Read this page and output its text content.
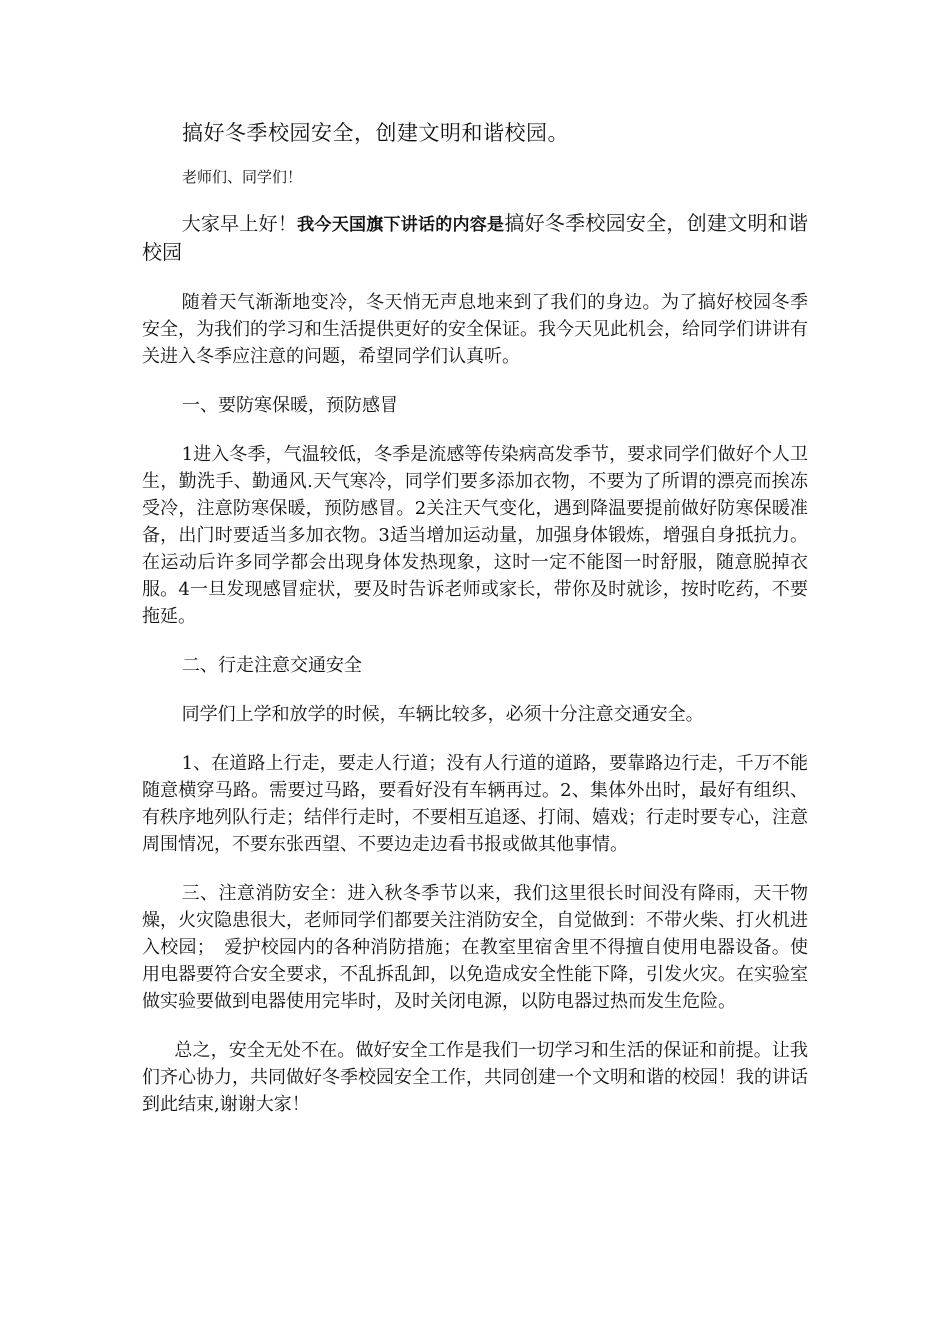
搞好冬季校园安全，创建文明和谐校园。

老师们、同学们！

大家早上好！我今天国旗下讲话的内容是搞好冬季校园安全，创建文明和谐校园

随着天气渐渐地变冷，冬天悄无声息地来到了我们的身边。为了搞好校园冬季安全，为我们的学习和生活提供更好的安全保证。我今天见此机会，给同学们讲讲有关进入冬季应注意的问题，希望同学们认真听。

一、要防寒保暖，预防感冒

1进入冬季，气温较低，冬季是流感等传染病高发季节，要求同学们做好个人卫生，勤洗手、勤通风.天气寒冷，同学们要多添加衣物，不要为了所谓的漂亮而挨冻受冷，注意防寒保暖，预防感冒。2关注天气变化，遇到降温要提前做好防寒保暖准备，出门时要适当多加衣物。3适当增加运动量，加强身体锻炼，增强自身抵抗力。在运动后许多同学都会出现身体发热现象，这时一定不能图一时舒服，随意脱掉衣服。4一旦发现感冒症状，要及时告诉老师或家长，带你及时就诊，按时吃药，不要拖延。

二、行走注意交通安全

同学们上学和放学的时候，车辆比较多，必须十分注意交通安全。

1、在道路上行走，要走人行道；没有人行道的道路，要靠路边行走，千万不能随意横穿马路。需要过马路，要看好没有车辆再过。2、集体外出时，最好有组织、有秩序地列队行走；结伴行走时，不要相互追逐、打闹、嬉戏；行走时要专心，注意周围情况，不要东张西望、不要边走边看书报或做其他事情。

三、注意消防安全：进入秋冬季节以来，我们这里很长时间没有降雨，天干物燥，火灾隐患很大，老师同学们都要关注消防安全，自觉做到：不带火柴、打火机进入校园；　爱护校园内的各种消防措施；在教室里宿舍里不得擅自使用电器设备。使用电器要符合安全要求，不乱拆乱卸，以免造成安全性能下降，引发火灾。在实验室做实验要做到电器使用完毕时，及时关闭电源，以防电器过热而发生危险。

总之，安全无处不在。做好安全工作是我们一切学习和生活的保证和前提。让我们齐心协力，共同做好冬季校园安全工作，共同创建一个文明和谐的校园！我的讲话到此结束,谢谢大家！
